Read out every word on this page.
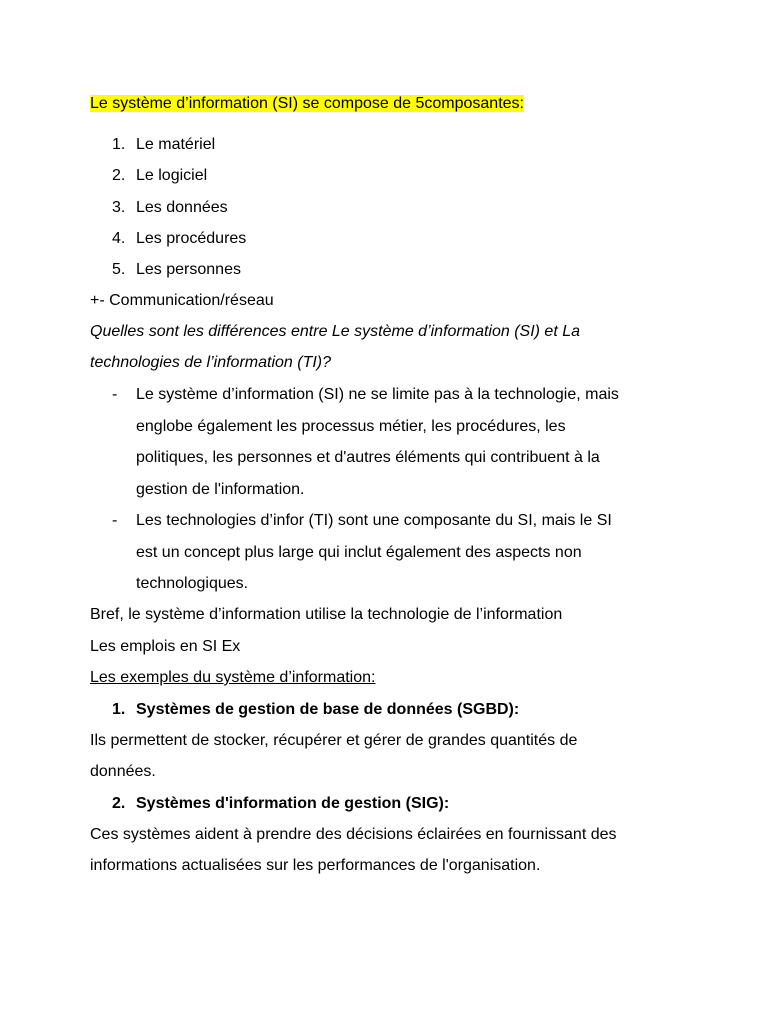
Le système d’information (SI) se compose de 5composantes:
1. Le matériel
2. Le logiciel
3. Les données
4. Les procédures
5. Les personnes
+- Communication/réseau
Quelles sont les différences entre Le système d’information (SI) et La
technologies de l’information (TI)?
- Le système d’information (SI) ne se limite pas à la technologie, mais
englobe également les processus métier, les procédures, les
politiques, les personnes et d'autres éléments qui contribuent à la
gestion de l'information.
- Les technologies d’infor (TI) sont une composante du SI, mais le SI
est un concept plus large qui inclut également des aspects non
technologiques.
Bref, le système d’information utilise la technologie de l’information
Les emplois en SI Ex
Les exemples du système d’information:
1. Systèmes de gestion de base de données (SGBD):
Ils permettent de stocker, récupérer et gérer de grandes quantités de
données.
2. Systèmes d'information de gestion (SIG):
Ces systèmes aident à prendre des décisions éclairées en fournissant des
informations actualisées sur les performances de l'organisation.
